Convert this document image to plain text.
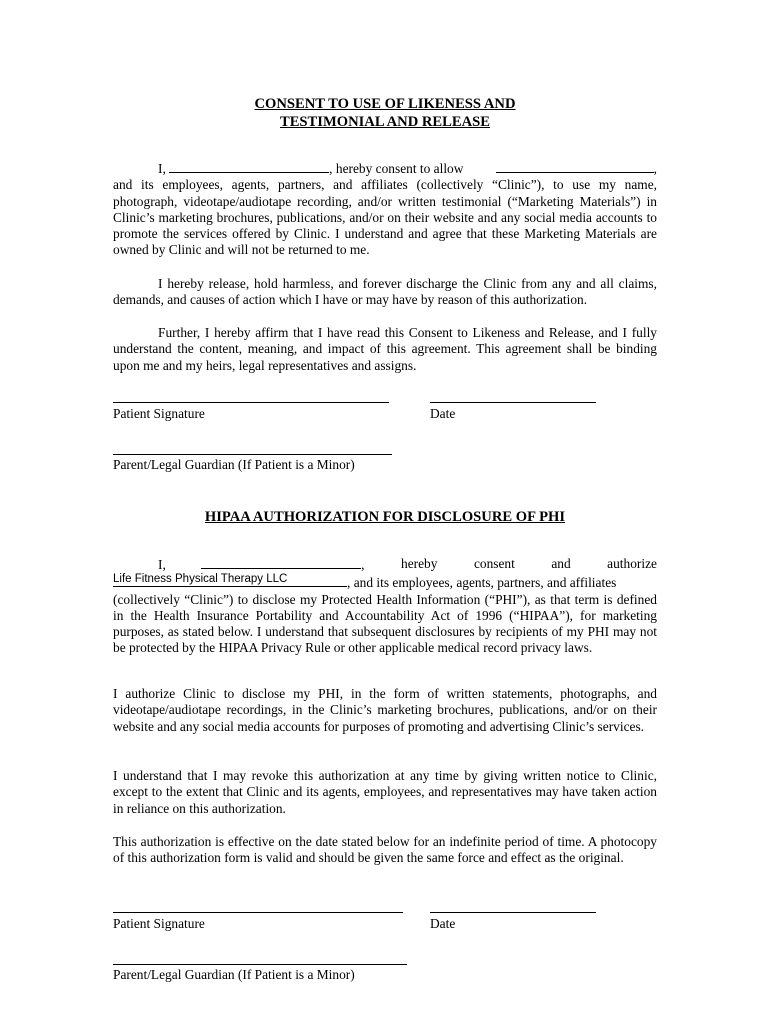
CONSENT TO USE OF LIKENESS AND
TESTIMONIAL AND RELEASE

I,	, hereby consent to allow	,
and its employees, agents, partners, and affiliates (collectively “Clinic”), to use my name, photograph, videotape/audiotape recording, and/or written testimonial (“Marketing Materials”) in Clinic’s marketing brochures, publications, and/or on their website and any social media accounts to promote the services offered by Clinic. I understand and agree that these Marketing Materials are owned by Clinic and will not be returned to me.

I hereby release, hold harmless, and forever discharge the Clinic from any and all claims, demands, and causes of action which I have or may have by reason of this authorization.

Further, I hereby affirm that I have read this Consent to Likeness and Release, and I fully understand the content, meaning, and impact of this agreement. This agreement shall be binding upon me and my heirs, legal representatives and assigns.

Patient Signature	Date

Parent/Legal Guardian (If Patient is a Minor)

HIPAA AUTHORIZATION FOR DISCLOSURE OF PHI

I,	,	hereby	consent	and	authorize
Life Fitness Physical Therapy LLC	, and its employees, agents, partners, and affiliates
(collectively “Clinic”) to disclose my Protected Health Information (“PHI”), as that term is defined in the Health Insurance Portability and Accountability Act of 1996 (“HIPAA”), for marketing purposes, as stated below. I understand that subsequent disclosures by recipients of my PHI may not be protected by the HIPAA Privacy Rule or other applicable medical record privacy laws.

I authorize Clinic to disclose my PHI, in the form of written statements, photographs, and videotape/audiotape recordings, in the Clinic’s marketing brochures, publications, and/or on their website and any social media accounts for purposes of promoting and advertising Clinic’s services.

I understand that I may revoke this authorization at any time by giving written notice to Clinic, except to the extent that Clinic and its agents, employees, and representatives may have taken action in reliance on this authorization.

This authorization is effective on the date stated below for an indefinite period of time. A photocopy of this authorization form is valid and should be given the same force and effect as the original.

Patient Signature	Date

Parent/Legal Guardian (If Patient is a Minor)
